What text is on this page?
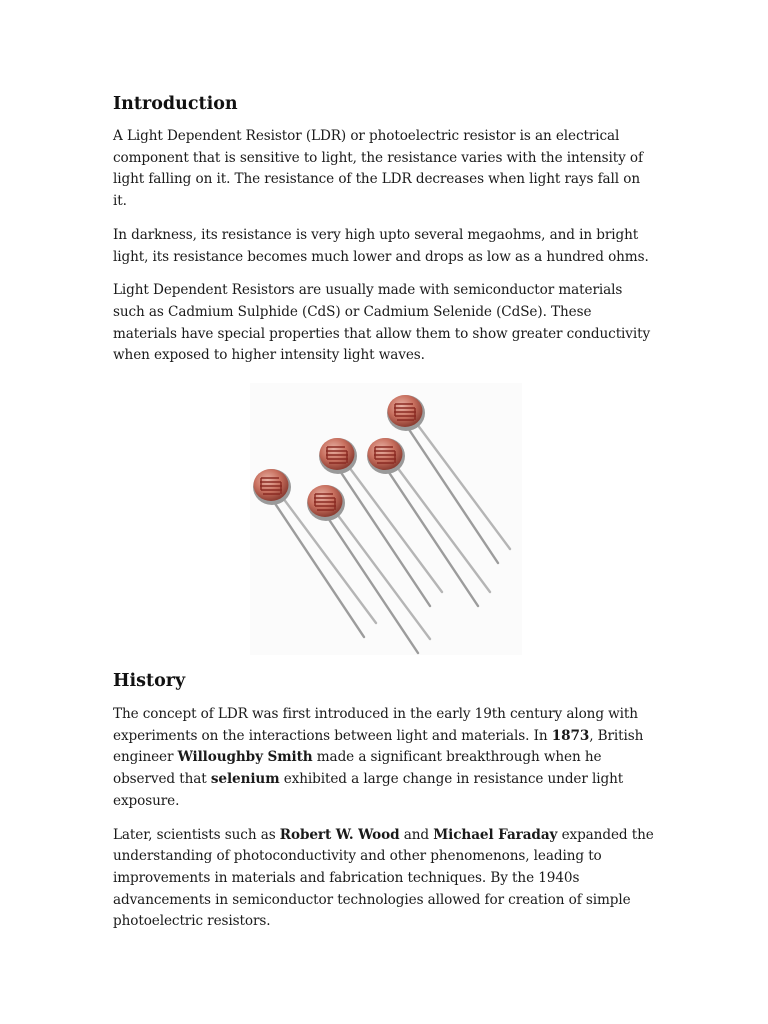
Introduction

A Light Dependent Resistor (LDR) or photoelectric resistor is an electrical component that is sensitive to light, the resistance varies with the intensity of light falling on it. The resistance of the LDR decreases when light rays fall on it.

In darkness, its resistance is very high upto several megaohms, and in bright light, its resistance becomes much lower and drops as low as a hundred ohms.

Light Dependent Resistors are usually made with semiconductor materials such as Cadmium Sulphide (CdS) or Cadmium Selenide (CdSe). These materials have special properties that allow them to show greater conductivity when exposed to higher intensity light waves.

History

The concept of LDR was first introduced in the early 19th century along with experiments on the interactions between light and materials. In 1873, British engineer Willoughby Smith made a significant breakthrough when he observed that selenium exhibited a large change in resistance under light exposure.

Later, scientists such as Robert W. Wood and Michael Faraday expanded the understanding of photoconductivity and other phenomenons, leading to improvements in materials and fabrication techniques. By the 1940s advancements in semiconductor technologies allowed for creation of simple photoelectric resistors.
